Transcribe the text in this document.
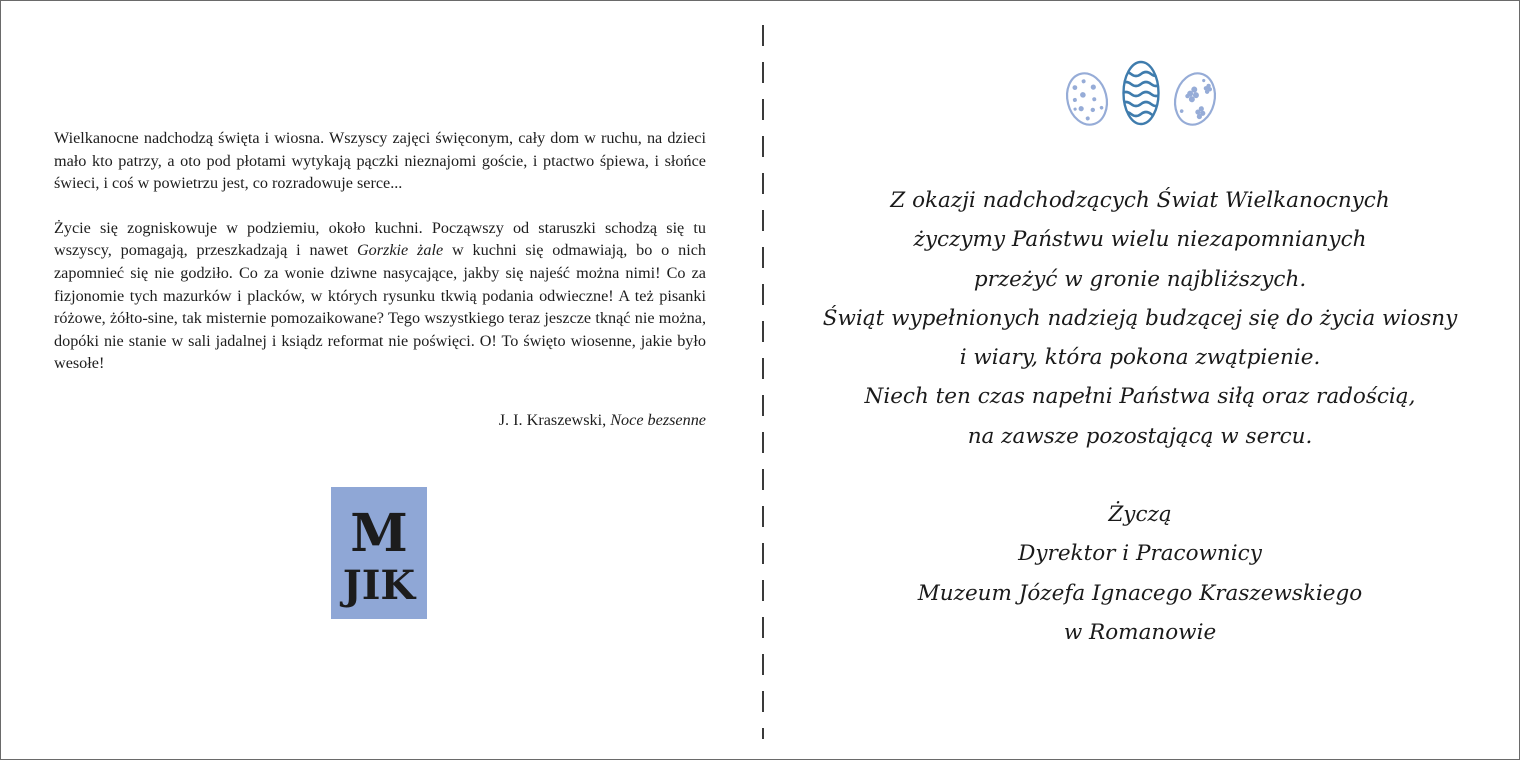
Wielkanocne nadchodzą święta i wiosna. Wszyscy zajęci święconym, cały dom w ruchu, na dzieci mało kto patrzy, a oto pod płotami wytykają pączki nieznajomi goście, i ptactwo śpiewa, i słońce świeci, i coś w powietrzu jest, co rozradowuje serce...

Życie się zogniskowuje w podziemiu, około kuchni. Począwszy od staruszki schodzą się tu wszyscy, pomagają, przeszkadzają i nawet Gorzkie żale w kuchni się odmawiają, bo o nich zapomnieć się nie godziło. Co za wonie dziwne nasycające, jakby się najeść można nimi! Co za fizjonomie tych mazurków i placków, w których rysunku tkwią podania odwieczne! A też pisanki różowe, żółto-sine, tak misternie pomozaikowane? Tego wszystkiego teraz jeszcze tknąć nie można, dopóki nie stanie w sali jadalnej i ksiądz reformat nie poświęci. O! To święto wiosenne, jakie było wesołe!

J. I. Kraszewski, Noce bezsenne
M
JIK
Z okazji nadchodzących Świat Wielkanocnych
życzymy Państwu wielu niezapomnianych
przeżyć w gronie najbliższych.
Świąt wypełnionych nadzieją budzącej się do życia wiosny
i wiary, która pokona zwątpienie.
Niech ten czas napełni Państwa siłą oraz radością,
na zawsze pozostającą w sercu.
Życzą
Dyrektor i Pracownicy
Muzeum Józefa Ignacego Kraszewskiego
w Romanowie
